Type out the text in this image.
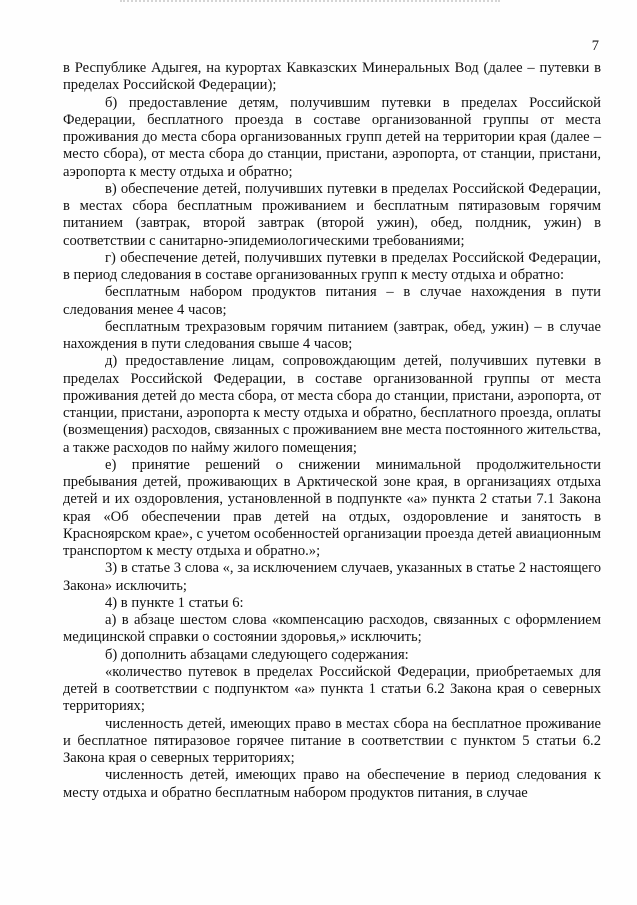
7

в Республике Адыгея, на курортах Кавказских Минеральных Вод (далее – путевки в пределах Российской Федерации);

б) предоставление детям, получившим путевки в пределах Российской Федерации, бесплатного проезда в составе организованной группы от места проживания до места сбора организованных групп детей на территории края (далее – место сбора), от места сбора до станции, пристани, аэропорта, от станции, пристани, аэропорта к месту отдыха и обратно;

в) обеспечение детей, получивших путевки в пределах Российской Федерации, в местах сбора бесплатным проживанием и бесплатным пятиразовым горячим питанием (завтрак, второй завтрак (второй ужин), обед, полдник, ужин) в соответствии с санитарно-эпидемиологическими требованиями;

г) обеспечение детей, получивших путевки в пределах Российской Федерации, в период следования в составе организованных групп к месту отдыха и обратно:

бесплатным набором продуктов питания – в случае нахождения в пути следования менее 4 часов;

бесплатным трехразовым горячим питанием (завтрак, обед, ужин) – в случае нахождения в пути следования свыше 4 часов;

д) предоставление лицам, сопровождающим детей, получивших путевки в пределах Российской Федерации, в составе организованной группы от места проживания детей до места сбора, от места сбора до станции, пристани, аэропорта, от станции, пристани, аэропорта к месту отдыха и обратно, бесплатного проезда, оплаты (возмещения) расходов, связанных с проживанием вне места постоянного жительства, а также расходов по найму жилого помещения;

е) принятие решений о снижении минимальной продолжительности пребывания детей, проживающих в Арктической зоне края, в организациях отдыха детей и их оздоровления, установленной в подпункте «а» пункта 2 статьи 7.1 Закона края «Об обеспечении прав детей на отдых, оздоровление и занятость в Красноярском крае», с учетом особенностей организации проезда детей авиационным транспортом к месту отдыха и обратно.»;

3) в статье 3 слова «, за исключением случаев, указанных в статье 2 настоящего Закона» исключить;

4) в пункте 1 статьи 6:

а) в абзаце шестом слова «компенсацию расходов, связанных с оформлением медицинской справки о состоянии здоровья,» исключить;

б) дополнить абзацами следующего содержания:

«количество путевок в пределах Российской Федерации, приобретаемых для детей в соответствии с подпунктом «а» пункта 1 статьи 6.2 Закона края о северных территориях;

численность детей, имеющих право в местах сбора на бесплатное проживание и бесплатное пятиразовое горячее питание в соответствии с пунктом 5 статьи 6.2 Закона края о северных территориях;

численность детей, имеющих право на обеспечение в период следования к месту отдыха и обратно бесплатным набором продуктов питания, в случае
